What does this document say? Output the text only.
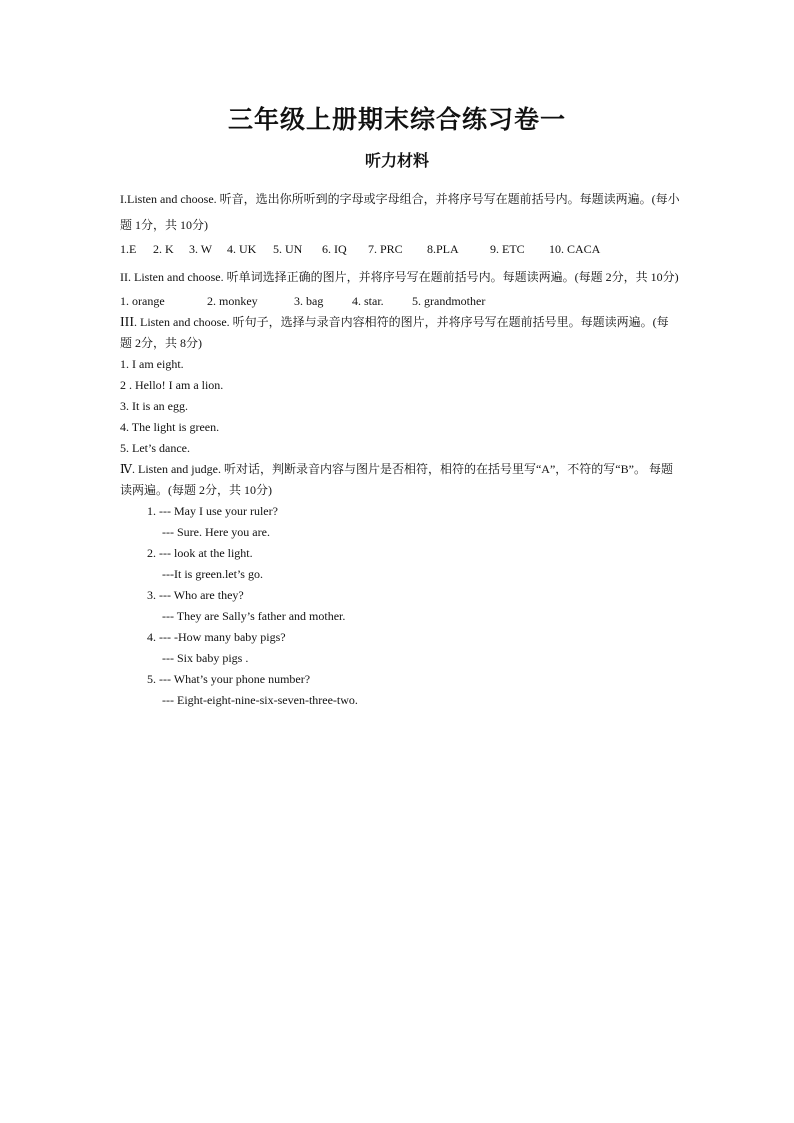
三年级上册期末综合练习卷一
听力材料

I.Listen and choose. 听音，选出你所听到的字母或字母组合，并将序号写在题前括号内。每题读两遍。(每小题 1分，共 10分)

1.E 2. K 3. W 4. UK 5. UN 6. IQ 7. PRC 8.PLA	9. ETC 10. CACA

II. Listen and choose. 听单词选择正确的图片，并将序号写在题前括号内。每题读两遍。(每题 2分，共 10分)

1. orange	2. monkey	3. bag 4. star. 5. grandmother

III. Listen and choose. 听句子，选择与录音内容相符的图片，并将序号写在题前括号里。每题读两遍。(每题 2分，共 8分)

1. I am eight.

2 . Hello! I am a lion.

3. It is an egg.

4. The light is green.

5. Let’s dance.

Ⅳ. Listen and judge. 听对话，判断录音内容与图片是否相符，相符的在括号里写“A”，不符的写“B”。 每题读两遍。(每题 2分，共 10分)

1. --- May I use your ruler?

--- Sure. Here you are.

2. --- look at the light.

---It is green.let’s go.

3. --- Who are they?

--- They are Sally’s father and mother.

4. --- -How many baby pigs?

--- Six baby pigs .

5. --- What’s your phone number?

--- Eight-eight-nine-six-seven-three-two.
